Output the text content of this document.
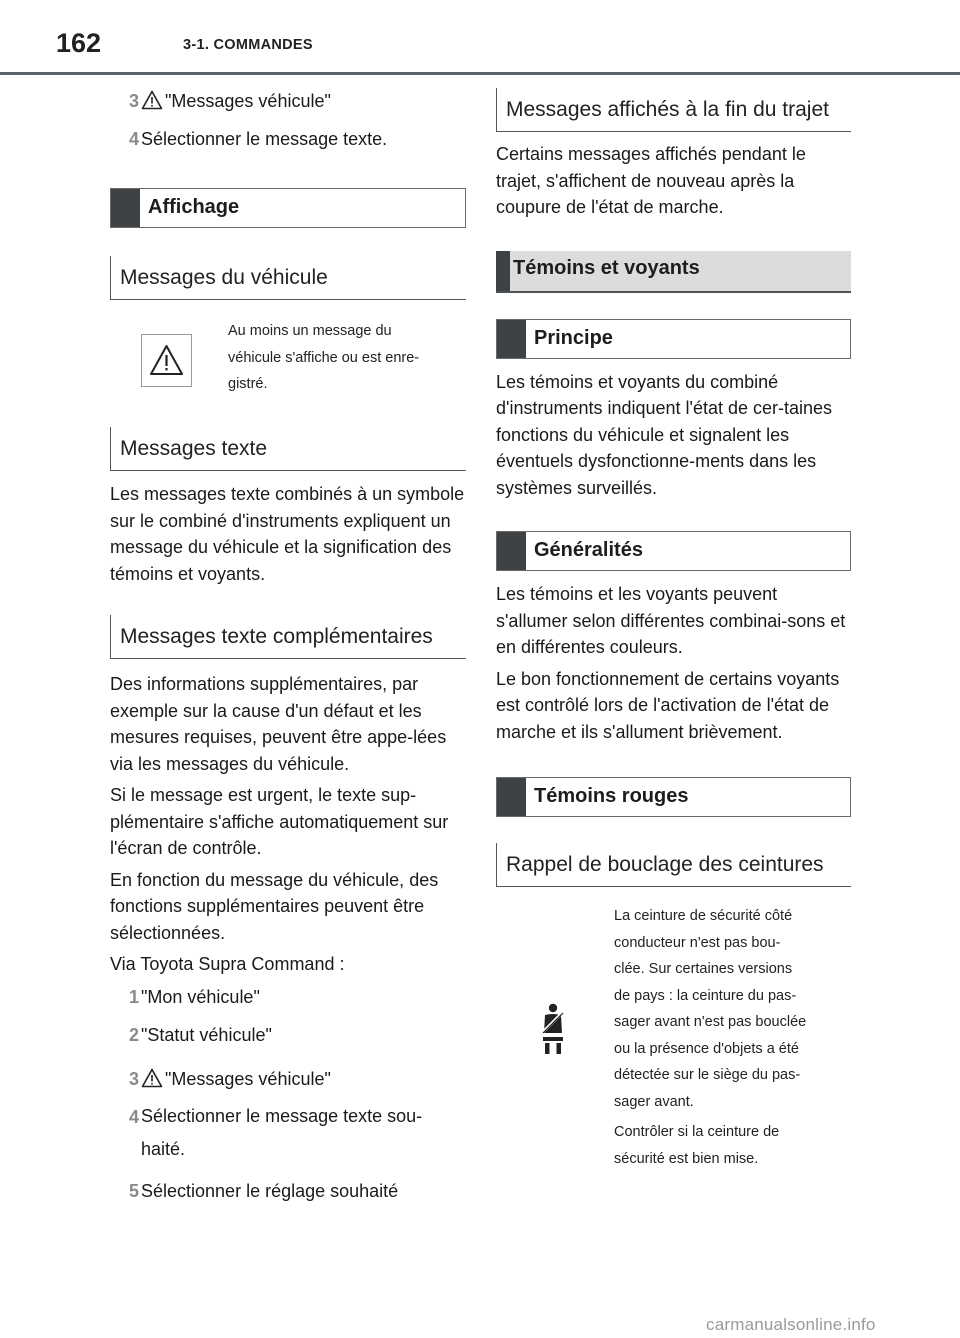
162	3-1. COMMANDES
3	"Messages véhicule"
4 Sélectionner le message texte.
Affichage
Messages du véhicule
Au moins un message du
véhicule s'affiche ou est enre-
gistré.
Messages texte

Les messages texte combinés à un symbole sur le combiné d'instruments expliquent un message du véhicule et la signification des témoins et voyants.

Messages texte complémentaires

Des informations supplémentaires, par exemple sur la cause d'un défaut et les mesures requises, peuvent être appe-lées via les messages du véhicule.

Si le message est urgent, le texte sup-plémentaire s'affiche automatiquement sur l'écran de contrôle.

En fonction du message du véhicule, des fonctions supplémentaires peuvent être sélectionnées.

Via Toyota Supra Command :

1 "Mon véhicule"
2 "Statut véhicule"
3	"Messages véhicule"
4 Sélectionner le message texte sou-haité.
5 Sélectionner le réglage souhaité
Messages affichés à la fin du trajet

Certains messages affichés pendant le trajet, s'affichent de nouveau après la coupure de l'état de marche.

Témoins et voyants
Principe

Les témoins et voyants du combiné d'instruments indiquent l'état de cer-taines fonctions du véhicule et signalent les éventuels dysfonctionne-ments dans les systèmes surveillés.

Généralités

Les témoins et les voyants peuvent s'allumer selon différentes combinai-sons et en différentes couleurs.

Le bon fonctionnement de certains voyants est contrôlé lors de l'activation de l'état de marche et ils s'allument brièvement.

Témoins rouges
Rappel de bouclage des ceintures
La ceinture de sécurité côté
conducteur n'est pas bou-
clée. Sur certaines versions
de pays : la ceinture du pas-
sager avant n'est pas bouclée
ou la présence d'objets a été
détectée sur le siège du pas-
sager avant.
Contrôler si la ceinture de
sécurité est bien mise.
carmanualsonline.info
